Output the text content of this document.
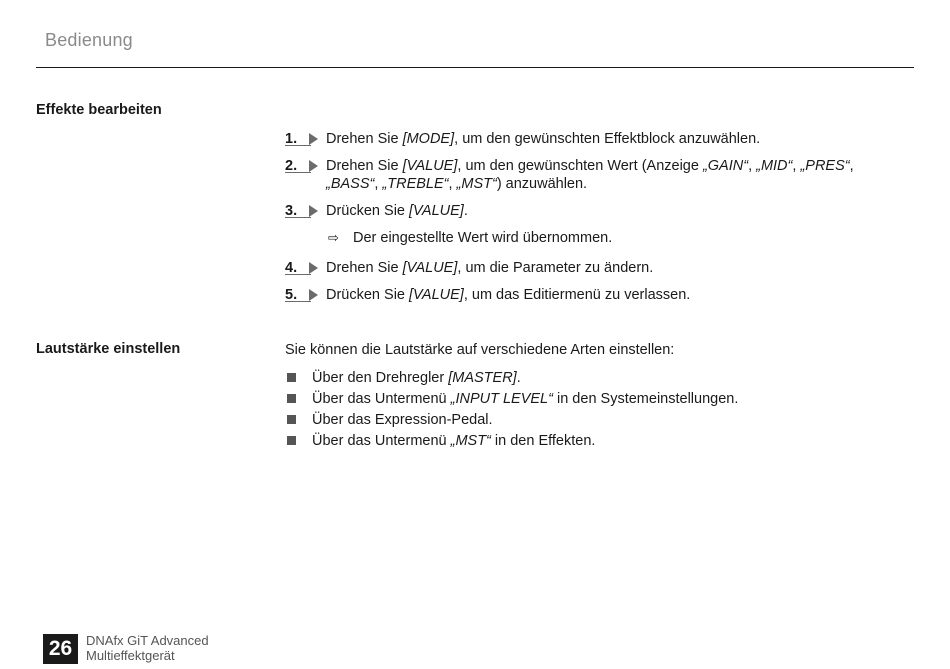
Bedienung
Effekte bearbeiten
1.	Drehen Sie [MODE], um den gewünschten Effektblock anzuwählen.
2.	Drehen Sie [VALUE], um den gewünschten Wert (Anzeige „GAIN“, „MID“, „PRES“,
„BASS“, „TREBLE“, „MST“) anzuwählen.
3.	Drücken Sie [VALUE].
⇨ Der eingestellte Wert wird übernommen.
4.	Drehen Sie [VALUE], um die Parameter zu ändern.
5.	Drücken Sie [VALUE], um das Editiermenü zu verlassen.
Lautstärke einstellen	Sie können die Lautstärke auf verschiedene Arten einstellen:
Über den Drehregler [MASTER].
Über das Untermenü „INPUT LEVEL“ in den Systemeinstellungen.
Über das Expression-Pedal.
Über das Untermenü „MST“ in den Effekten.
26	DNAfx GiT Advanced
Multieffektgerät
